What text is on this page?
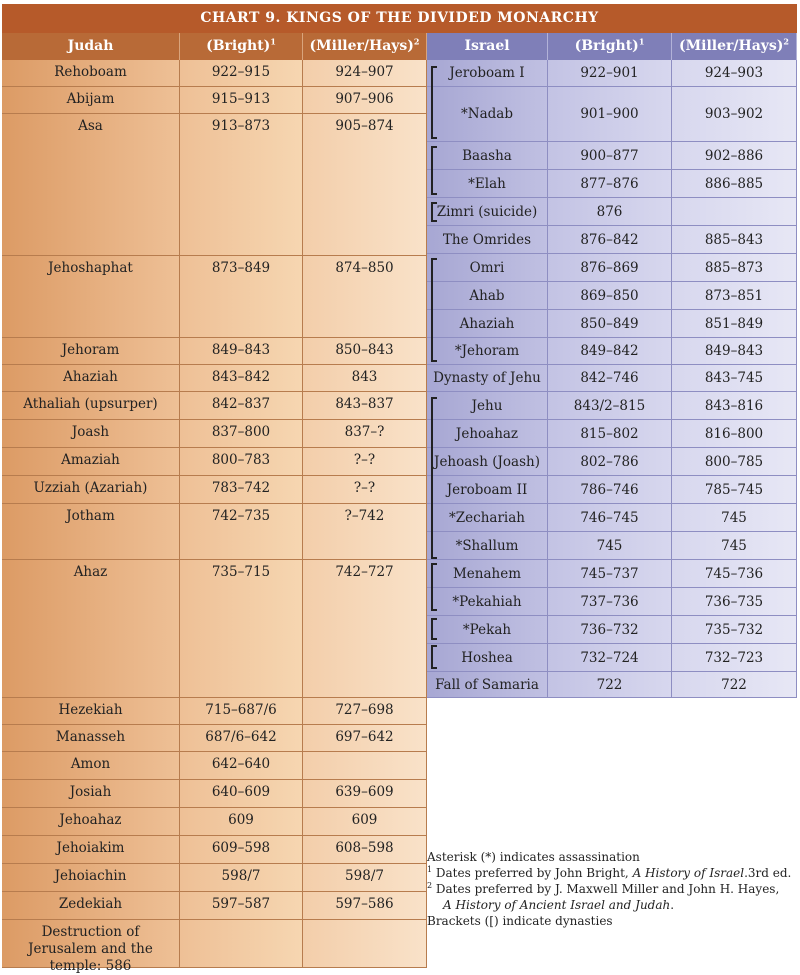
CHART 9. KINGS OF THE DIVIDED MONARCHY
Judah	(Bright)$^1$	(Miller/Hays)$^2$	Israel	(Bright)$^1$	(Miller/Hays)$^2$
Rehoboam	922–915	924–907
Abijam	915–913	907–906
Asa	913–873	905–874
Jehoshaphat	873–849	874–850
Jehoram	849–843	850–843
Ahaziah	843–842	843
Athaliah (upsurper)	842–837	843–837
Joash	837–800	837–?
Amaziah	800–783	?–?
Uzziah (Azariah)	783–742	?–?
Jotham	742–735	?–742
Ahaz	735–715	742–727
Hezekiah	715–687/6	727–698
Manasseh	687/6–642	697–642
Amon	642–640
Josiah	640–609	639–609
Jehoahaz	609	609
Jehoiakim	609–598	608–598
Jehoiachin	598/7	598/7
Zedekiah	597–587	597–586
Destruction of Jerusalem and the temple: 586
Jeroboam I	922–901	924–903
*Nadab	901–900	903–902
Baasha	900–877	902–886
*Elah	877–876	886–885
Zimri (suicide)	876
The Omrides	876–842	885–843
Omri	876–869	885–873
Ahab	869–850	873–851
Ahaziah	850–849	851–849
*Jehoram	849–842	849–843
Dynasty of Jehu	842–746	843–745
Jehu	843/2–815	843–816
Jehoahaz	815–802	816–800
Jehoash (Joash)	802–786	800–785
Jeroboam II	786–746	785–745
*Zechariah	746–745	745
*Shallum	745	745
Menahem	745–737	745–736
*Pekahiah	737–736	736–735
*Pekah	736–732	735–732
Hoshea	732–724	732–723
Fall of Samaria	722	722

Asterisk (*) indicates assassination

$^1$ Dates preferred by John Bright, A History of Israel.3rd ed.

$^2$ Dates preferred by J. Maxwell Miller and John H. Hayes,

A History of Ancient Israel and Judah.

Brackets ([) indicate dynasties
